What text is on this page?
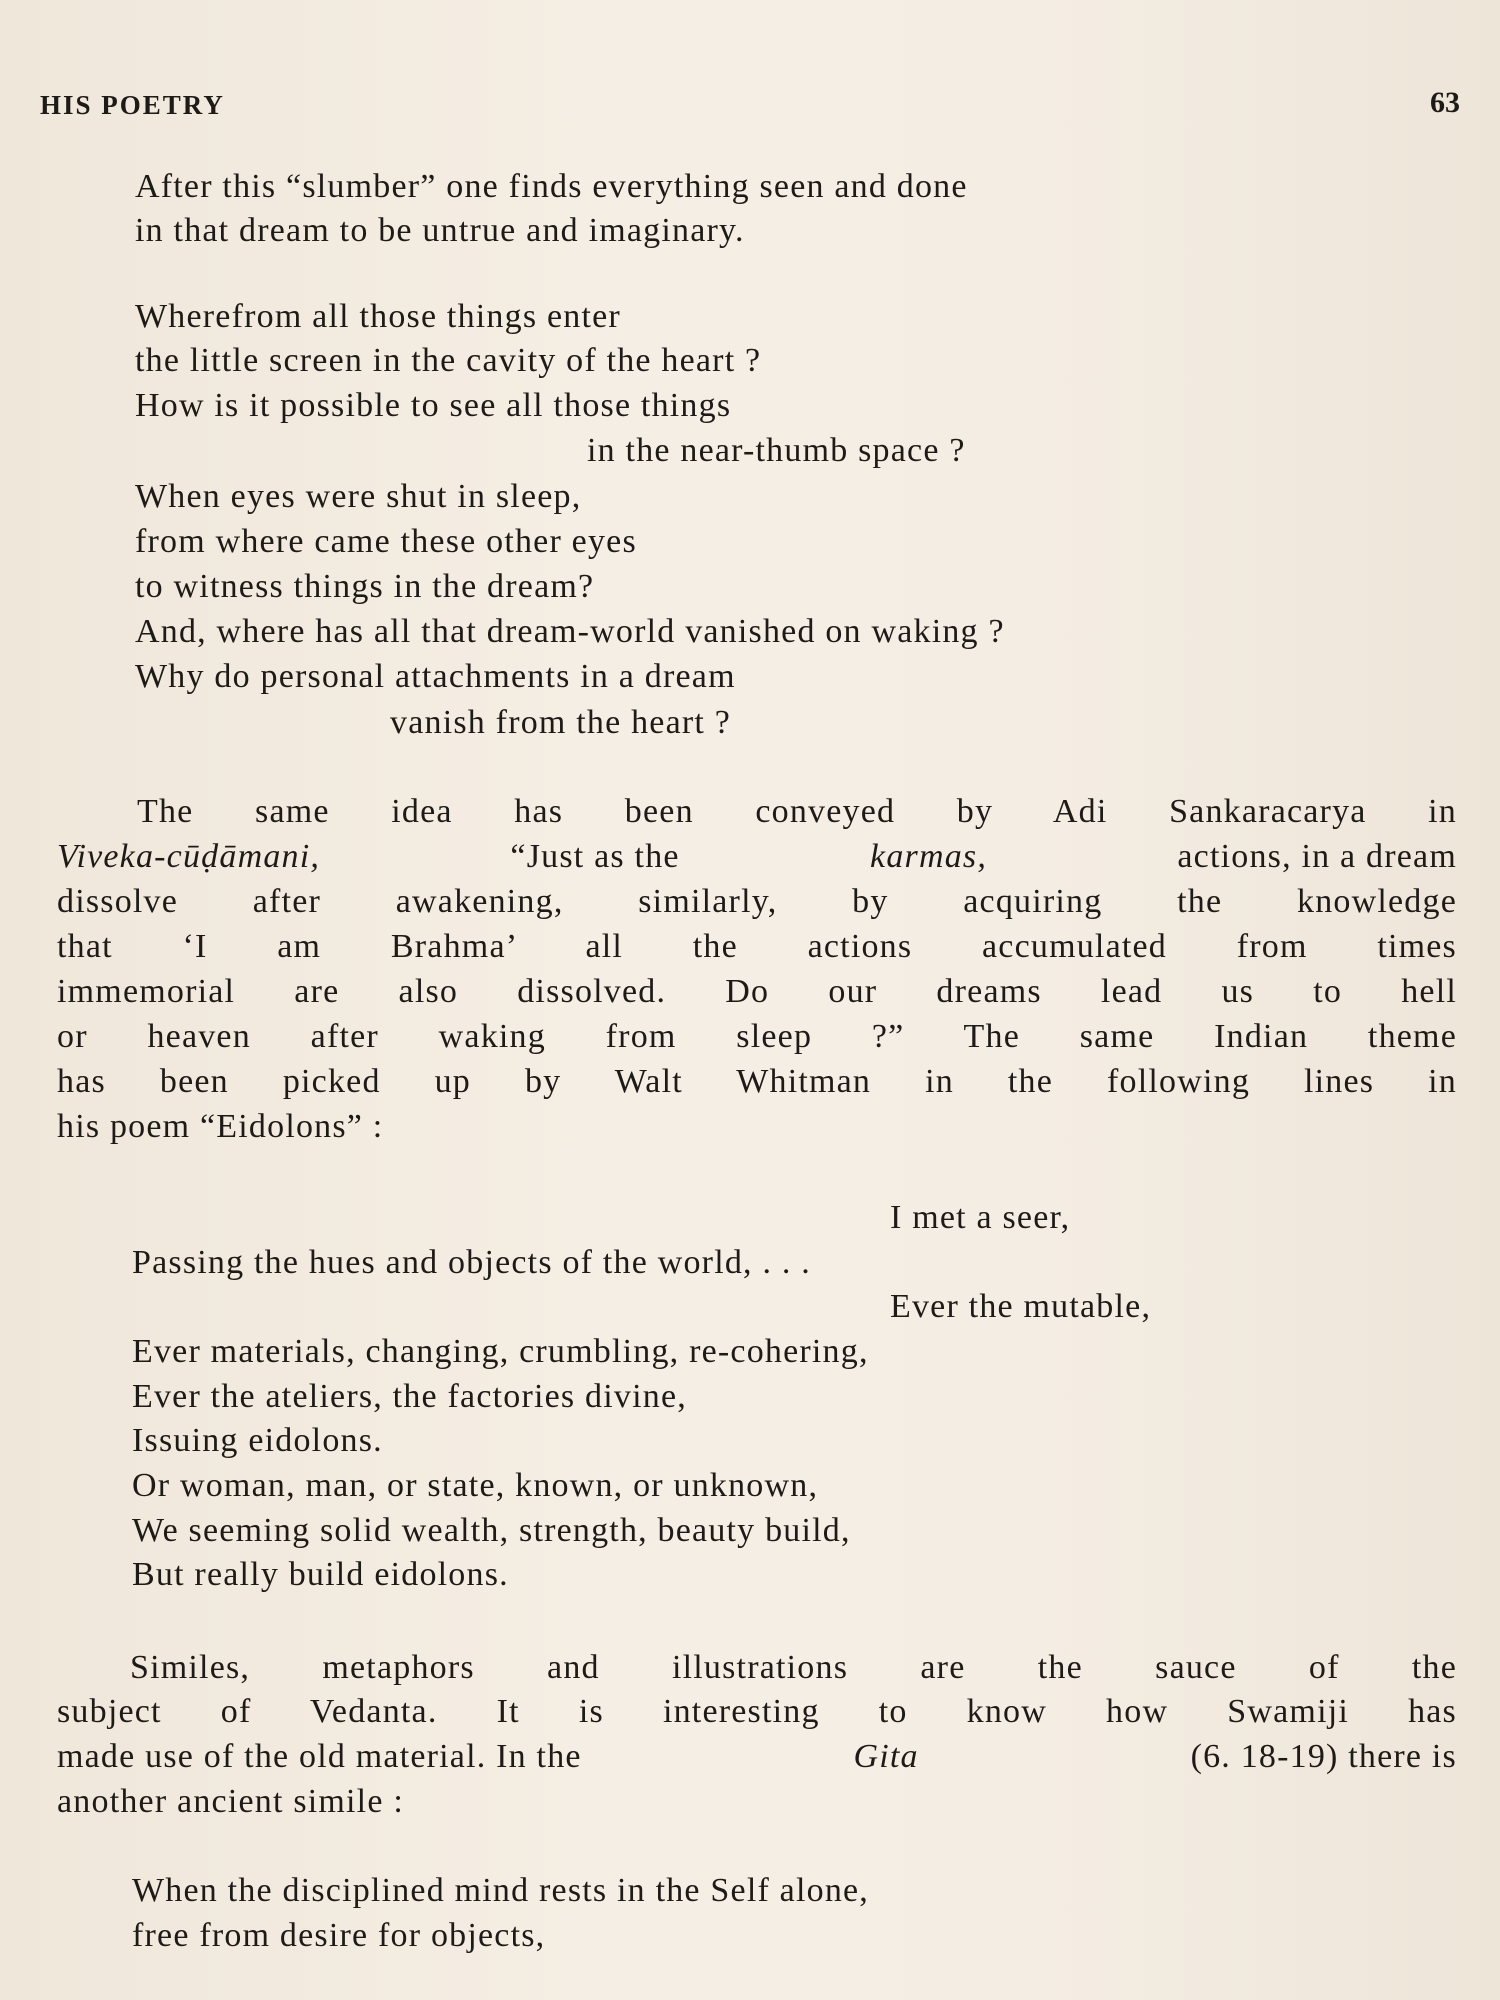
HIS POETRY	63
After this “slumber” one finds everything seen and done
in that dream to be untrue and imaginary.
Wherefrom all those things enter
the little screen in the cavity of the heart ?
How is it possible to see all those things
in the near-thumb space ?
When eyes were shut in sleep,
from where came these other eyes
to witness things in the dream?
And, where has all that dream-world vanished on waking ?
Why do personal attachments in a dream
vanish from the heart ?
The same idea has been conveyed by Adi Sankaracarya in
Viveka-cūḍāmani,	“Just as the	karmas,	actions, in a dream
dissolve after awakening, similarly, by acquiring the knowledge
that ‘I am Brahma’ all the actions accumulated from times
immemorial are also dissolved. Do our dreams lead us to hell
or heaven after waking from sleep ?” The same Indian theme
has been picked up by Walt Whitman in the following lines in
his poem “Eidolons” :
I met a seer,
Passing the hues and objects of the world, . . .
Ever the mutable,
Ever materials, changing, crumbling, re-cohering,
Ever the ateliers, the factories divine,
Issuing eidolons.
Or woman, man, or state, known, or unknown,
We seeming solid wealth, strength, beauty build,
But really build eidolons.
Similes, metaphors and illustrations are the sauce of the
subject of Vedanta. It is interesting to know how Swamiji has
made use of the old material. In the	Gita	(6. 18-19) there is
another ancient simile :
When the disciplined mind rests in the Self alone,
free from desire for objects,
